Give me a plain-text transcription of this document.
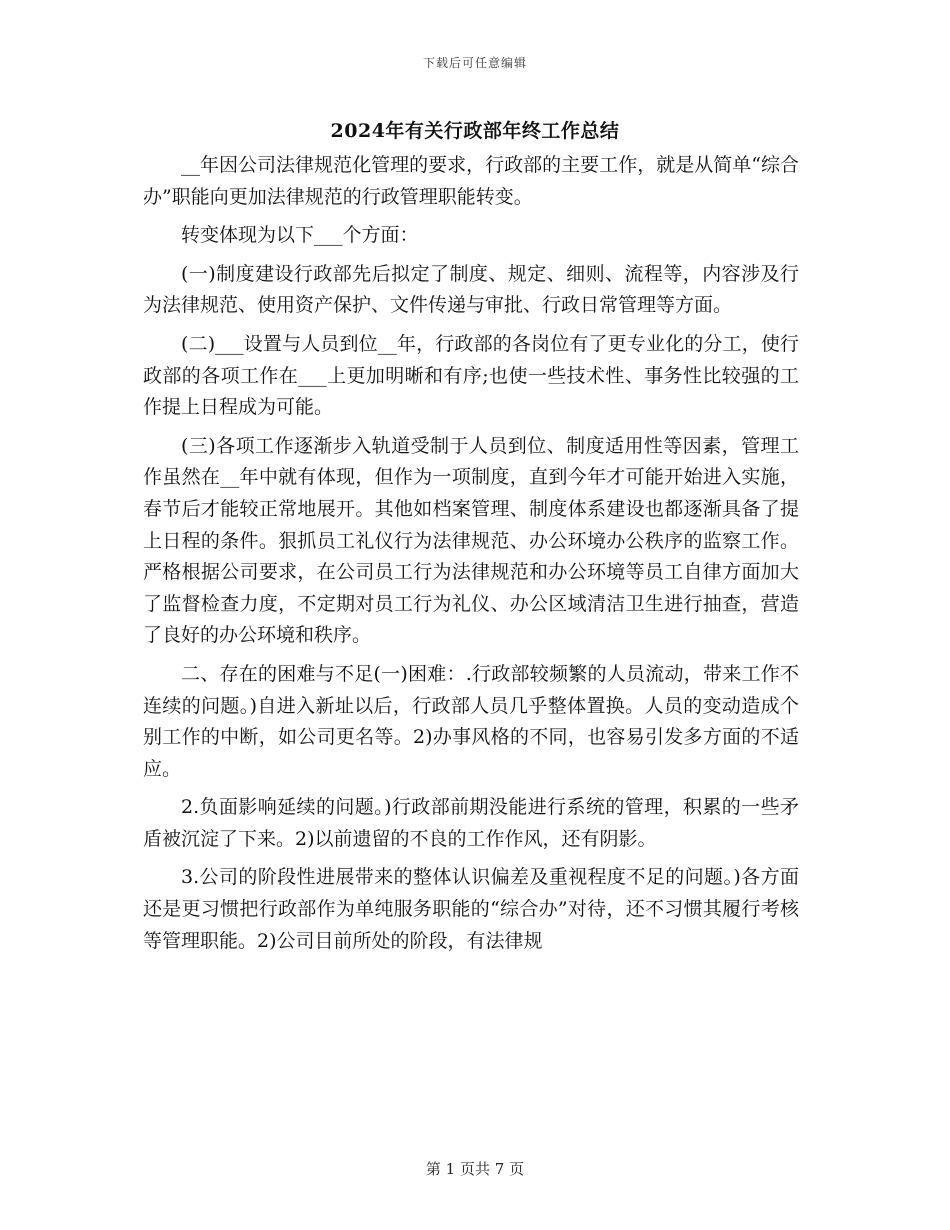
下载后可任意编辑
2024年有关行政部年终工作总结

__年因公司法律规范化管理的要求，行政部的主要工作，就是从简单“综合办”职能向更加法律规范的行政管理职能转变。

转变体现为以下___个方面：

(一)制度建设行政部先后拟定了制度、规定、细则、流程等，内容涉及行为法律规范、使用资产保护、文件传递与审批、行政日常管理等方面。

(二)___设置与人员到位__年，行政部的各岗位有了更专业化的分工，使行政部的各项工作在___上更加明晰和有序;也使一些技术性、事务性比较强的工作提上日程成为可能。

(三)各项工作逐渐步入轨道受制于人员到位、制度适用性等因素，管理工作虽然在__年中就有体现，但作为一项制度，直到今年才可能开始进入实施，春节后才能较正常地展开。其他如档案管理、制度体系建设也都逐渐具备了提上日程的条件。狠抓员工礼仪行为法律规范、办公环境办公秩序的监察工作。严格根据公司要求，在公司员工行为法律规范和办公环境等员工自律方面加大了监督检查力度，不定期对员工行为礼仪、办公区域清洁卫生进行抽查，营造了良好的办公环境和秩序。

二、存在的困难与不足(一)困难：.行政部较频繁的人员流动，带来工作不连续的问题。)自进入新址以后，行政部人员几乎整体置换。人员的变动造成个别工作的中断，如公司更名等。2)办事风格的不同，也容易引发多方面的不适应。

2.负面影响延续的问题。)行政部前期没能进行系统的管理，积累的一些矛盾被沉淀了下来。2)以前遗留的不良的工作作风，还有阴影。

3.公司的阶段性进展带来的整体认识偏差及重视程度不足的问题。)各方面还是更习惯把行政部作为单纯服务职能的“综合办”对待，还不习惯其履行考核等管理职能。2)公司目前所处的阶段，有法律规

第 1 页共 7 页
